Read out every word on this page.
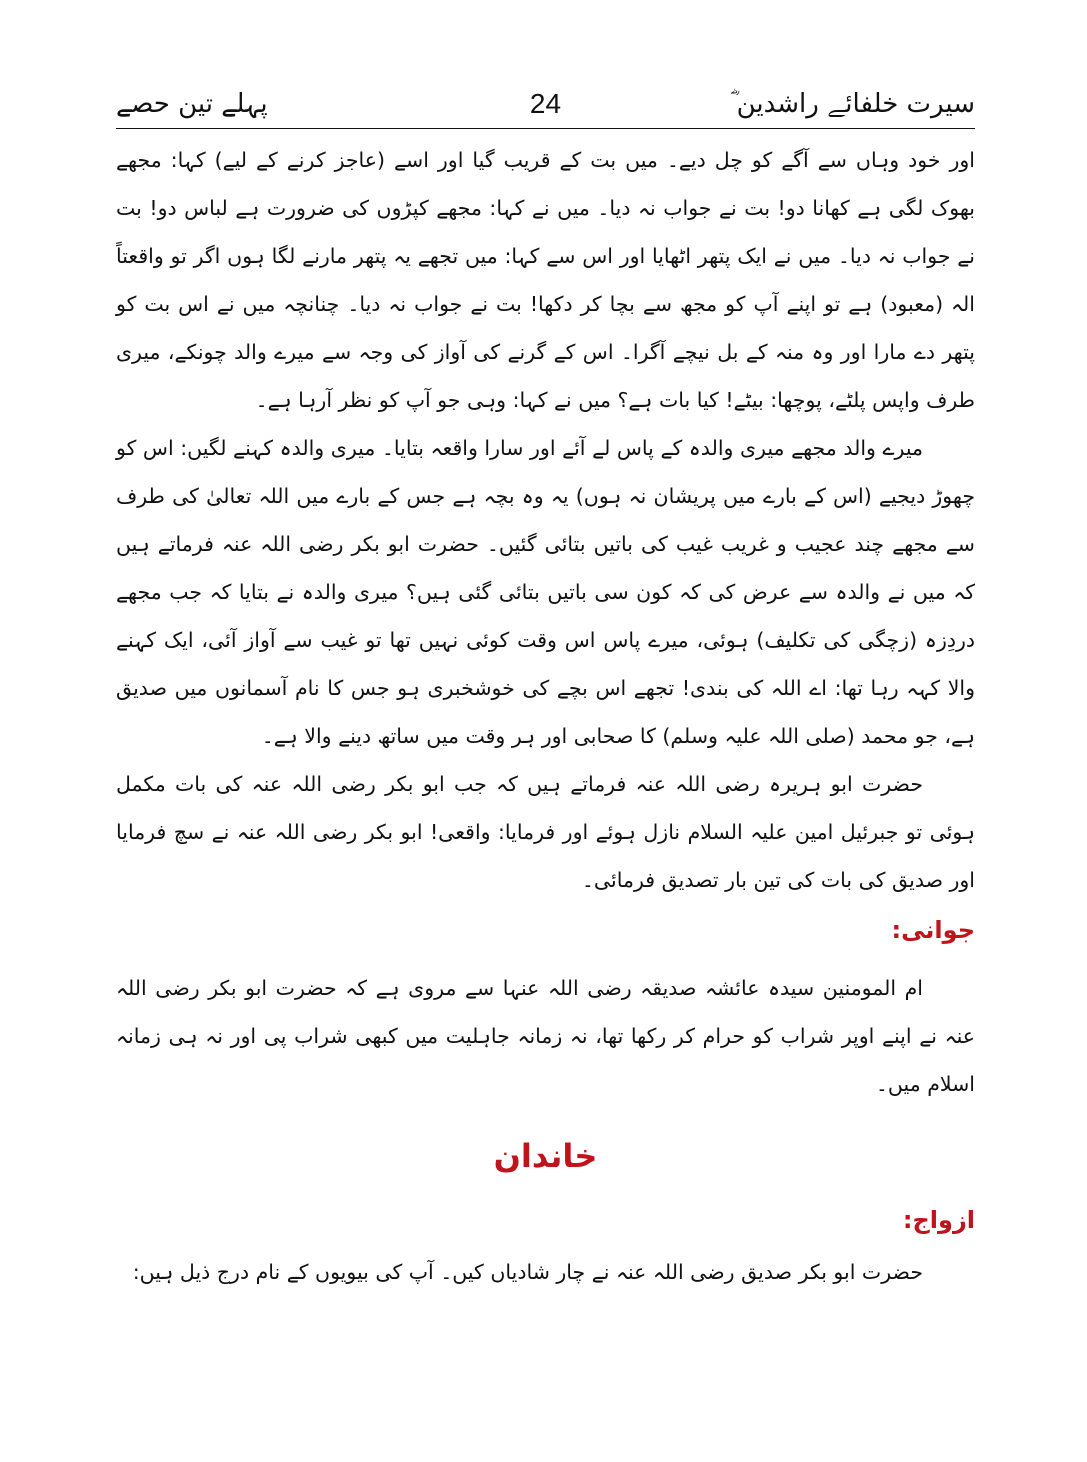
سیرت خلفائے راشدین ؓ
24
پہلے تین حصے

اور خود وہاں سے آگے کو چل دیے۔ میں بت کے قریب گیا اور اسے (عاجز کرنے کے لیے) کہا: مجھے بھوک لگی ہے کھانا دو! بت نے جواب نہ دیا۔ میں نے کہا: مجھے کپڑوں کی ضرورت ہے لباس دو! بت نے جواب نہ دیا۔ میں نے ایک پتھر اٹھایا اور اس سے کہا: میں تجھے یہ پتھر مارنے لگا ہوں اگر تو واقعتاً الہ (معبود) ہے تو اپنے آپ کو مجھ سے بچا کر دکھا! بت نے جواب نہ دیا۔ چنانچہ میں نے اس بت کو پتھر دے مارا اور وہ منہ کے بل نیچے آگرا۔ اس کے گرنے کی آواز کی وجہ سے میرے والد چونکے، میری طرف واپس پلٹے، پوچھا: بیٹے! کیا بات ہے؟ میں نے کہا: وہی جو آپ کو نظر آرہا ہے۔

میرے والد مجھے میری والدہ کے پاس لے آئے اور سارا واقعہ بتایا۔ میری والدہ کہنے لگیں: اس کو چھوڑ دیجیے (اس کے بارے میں پریشان نہ ہوں) یہ وہ بچہ ہے جس کے بارے میں اللہ تعالیٰ کی طرف سے مجھے چند عجیب و غریب غیب کی باتیں بتائی گئیں۔ حضرت ابو بکر رضی اللہ عنہ فرماتے ہیں کہ میں نے والدہ سے عرض کی کہ کون سی باتیں بتائی گئی ہیں؟ میری والدہ نے بتایا کہ جب مجھے دردِزہ (زچگی کی تکلیف) ہوئی، میرے پاس اس وقت کوئی نہیں تھا تو غیب سے آواز آئی، ایک کہنے والا کہہ رہا تھا: اے اللہ کی بندی! تجھے اس بچے کی خوشخبری ہو جس کا نام آسمانوں میں صدیق ہے، جو محمد (صلی اللہ علیہ وسلم) کا صحابی اور ہر وقت میں ساتھ دینے والا ہے۔

حضرت ابو ہریرہ رضی اللہ عنہ فرماتے ہیں کہ جب ابو بکر رضی اللہ عنہ کی بات مکمل ہوئی تو جبرئیل امین علیہ السلام نازل ہوئے اور فرمایا: واقعی! ابو بکر رضی اللہ عنہ نے سچ فرمایا اور صدیق کی بات کی تین بار تصدیق فرمائی۔

جوانی:

ام المومنین سیدہ عائشہ صدیقہ رضی اللہ عنہا سے مروی ہے کہ حضرت ابو بکر رضی اللہ عنہ نے اپنے اوپر شراب کو حرام کر رکھا تھا، نہ زمانہ جاہلیت میں کبھی شراب پی اور نہ ہی زمانہ اسلام میں۔

خاندان
ازواج:

حضرت ابو بکر صدیق رضی اللہ عنہ نے چار شادیاں کیں۔ آپ کی بیویوں کے نام درج ذیل ہیں:
